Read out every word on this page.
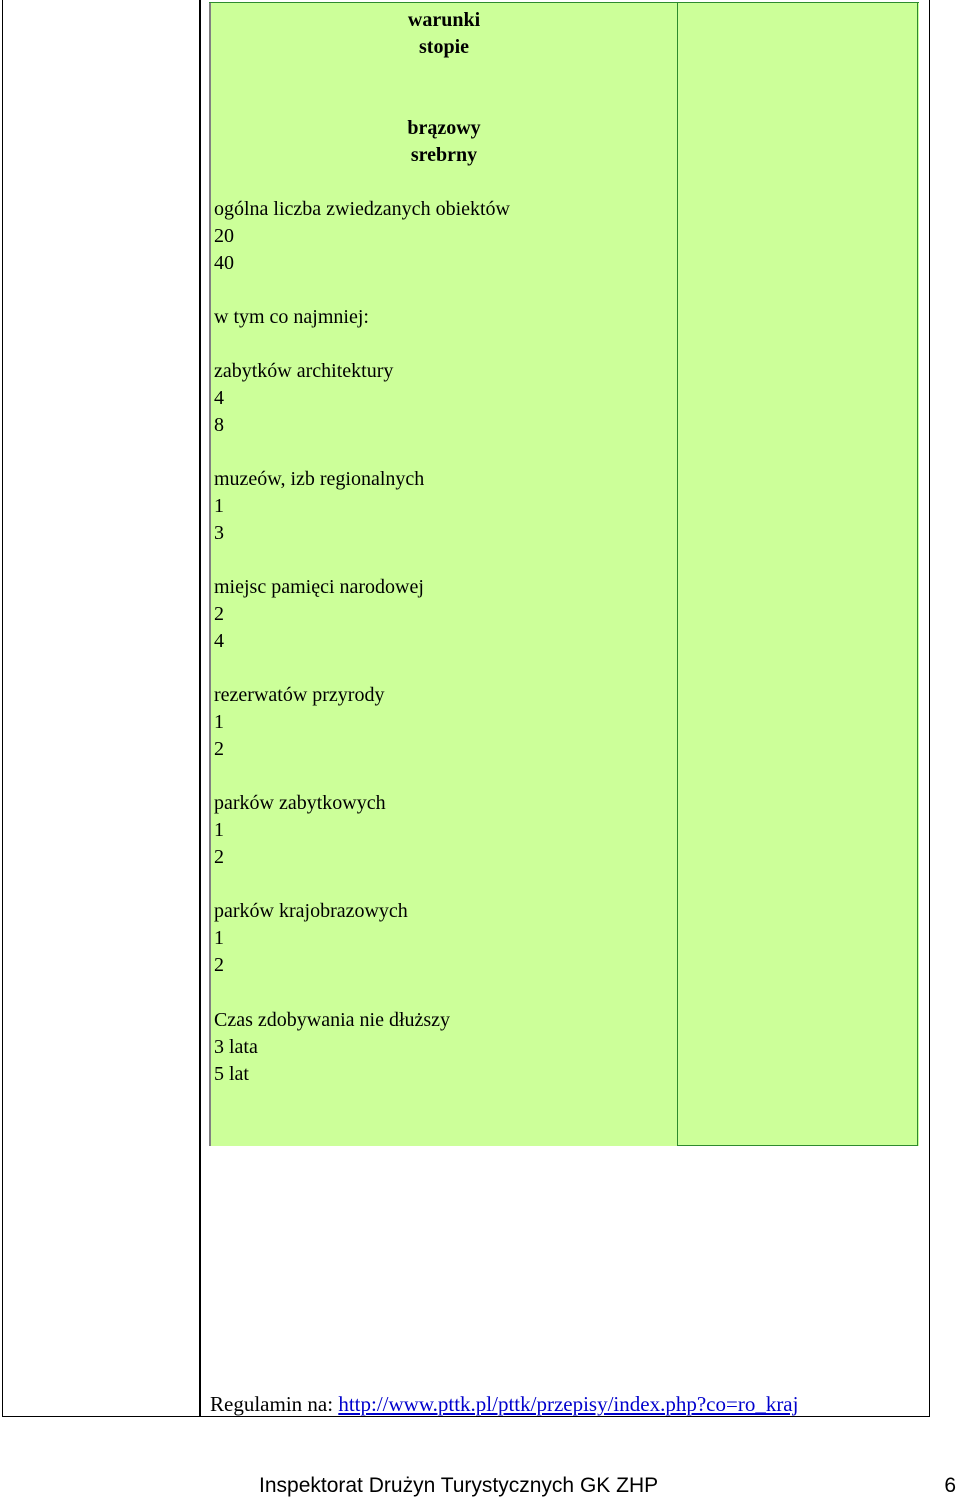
warunki
stopie
brązowy
srebrny
ogólna liczba zwiedzanych obiektów
20
40
w tym co najmniej:
zabytków architektury
4
8
muzeów, izb regionalnych
1
3
miejsc pamięci narodowej
2
4
rezerwatów przyrody
1
2
parków zabytkowych
1
2
parków krajobrazowych
1
2
Czas zdobywania nie dłuższy
3 lata
5 lat
Regulamin na: http://www.pttk.pl/pttk/przepisy/index.php?co=ro_kraj
Inspektorat Drużyn Turystycznych GK ZHP	6
